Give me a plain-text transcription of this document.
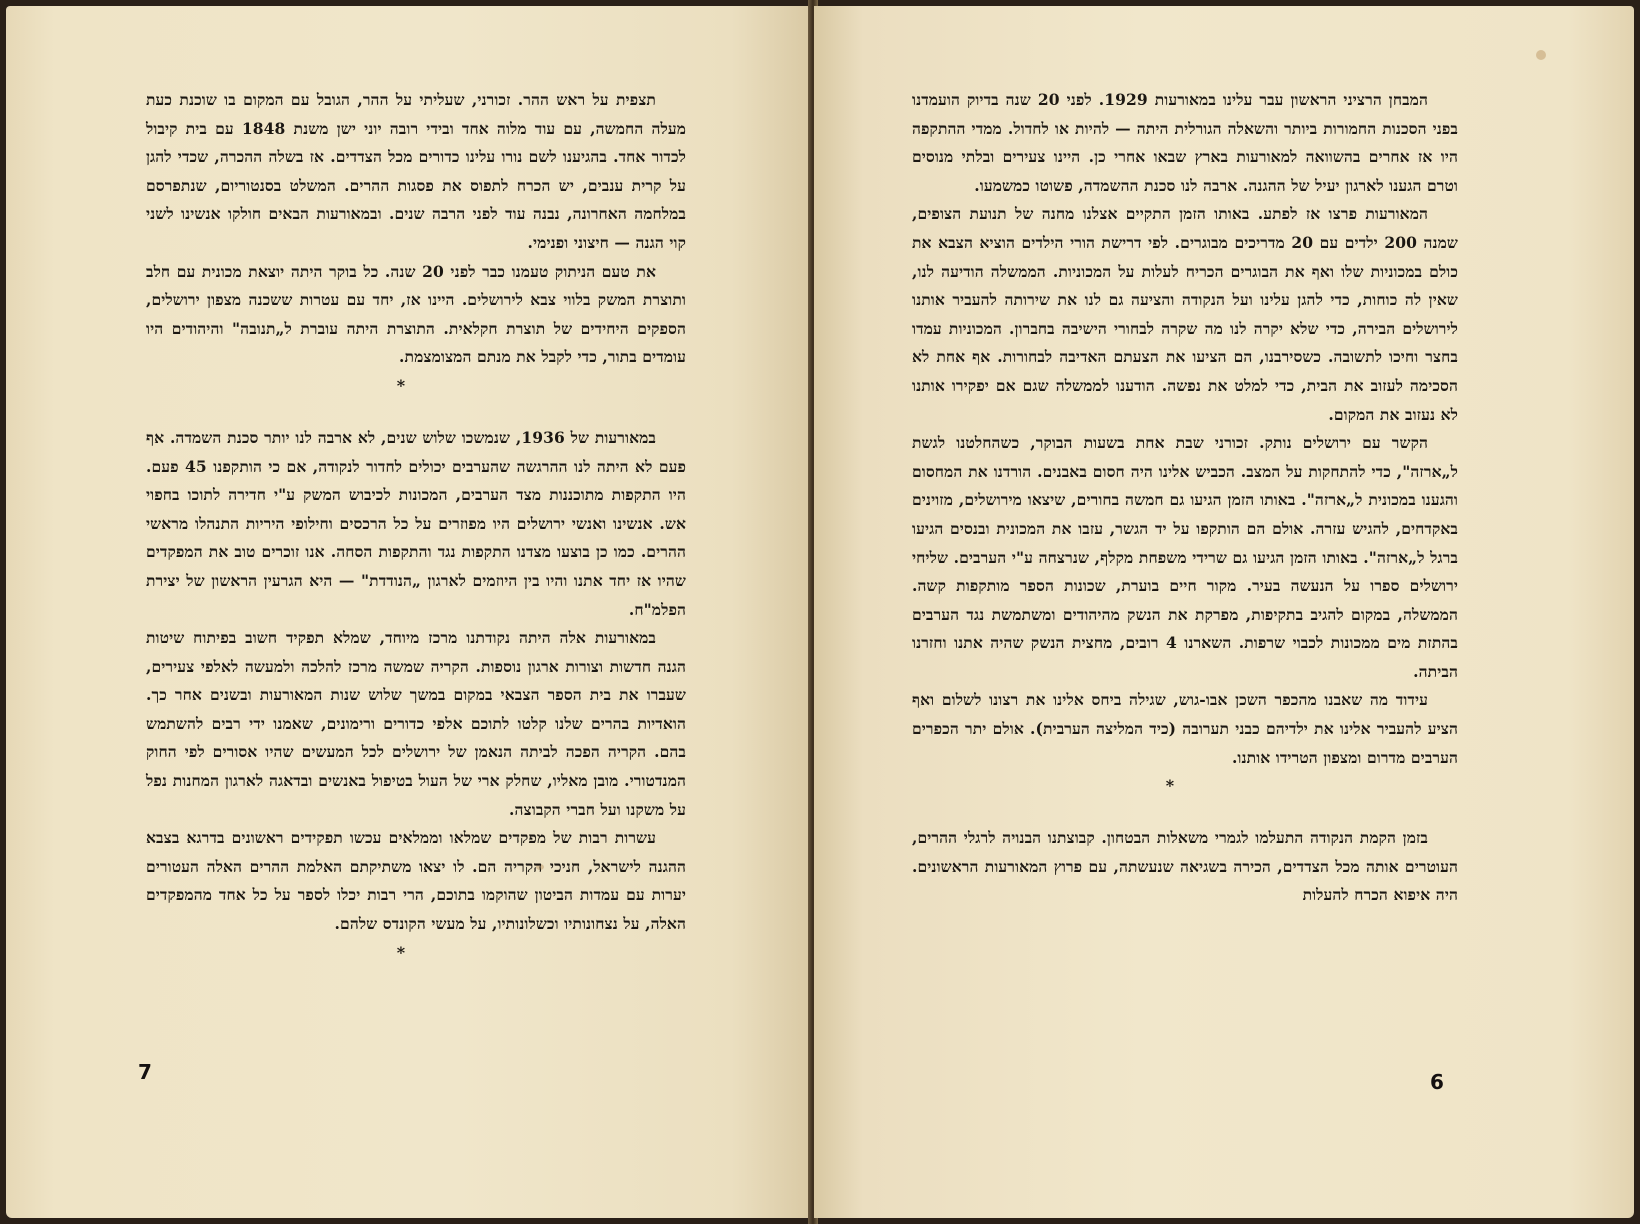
תצפית על ראש ההר. זכורני, שעליתי על ההר, הגובל עם המקום בו שוכנת כעת מעלה החמשה, עם עוד מלוה אחד ובידי רובה יוני ישן משנת 1848 עם בית קיבול לכדור אחד. בהגיענו לשם נורו עלינו כדורים מכל הצדדים. אז בשלה ההכרה, שכדי להגן על קרית ענבים, יש הכרח לתפוס את פסגות ההרים. המשלט בסנטוריום, שנתפרסם במלחמה האחרונה, נבנה עוד לפני הרבה שנים. ובמאורעות הבאים חולקו אנשינו לשני קוי הגנה — חיצוני ופנימי.

את טעם הניתוק טעמנו כבר לפני 20 שנה. כל בוקר היתה יוצאת מכונית עם חלב ותוצרת המשק בלווי צבא לירושלים. היינו אז, יחד עם עטרות ששכנה מצפון ירושלים, הספקים היחידים של תוצרת חקלאית. התוצרת היתה עוברת ל„תנובה" והיהודים היו עומדים בתור, כדי לקבל את מנתם המצומצמת.

*

במאורעות של 1936, שנמשכו שלוש שנים, לא ארבה לנו יותר סכנת השמדה. אף פעם לא היתה לנו ההרגשה שהערבים יכולים לחדור לנקודה, אם כי הותקפנו 45 פעם. היו התקפות מתוכננות מצד הערבים, המכונות לכיבוש המשק ע"י חדירה לתוכו בחפוי אש. אנשינו ואנשי ירושלים היו מפוזרים על כל הרכסים וחילופי היריות התנהלו מראשי ההרים. כמו כן בוצעו מצדנו התקפות נגד והתקפות הסחה. אנו זוכרים טוב את המפקדים שהיו אז יחד אתנו והיו בין היוזמים לארגון „הנודדת" — היא הגרעין הראשון של יצירת הפלמ"ח.

במאורעות אלה היתה נקודתנו מרכז מיוחד, שמלא תפקיד חשוב בפיתוח שיטות הגנה חדשות וצורות ארגון נוספות. הקריה שמשה מרכז להלכה ולמעשה לאלפי צעירים, שעברו את בית הספר הצבאי במקום במשך שלוש שנות המאורעות ובשנים אחר כך. הואדיות בהרים שלנו קלטו לתוכם אלפי כדורים ורימונים, שאמנו ידי רבים להשתמש בהם. הקריה הפכה לביתה הנאמן של ירושלים לכל המעשים שהיו אסורים לפי החוק המנדטורי. מובן מאליו, שחלק ארי של העול בטיפול באנשים ובדאגה לארגון המחנות נפל על משקנו ועל חברי הקבוצה.

עשרות רבות של מפקדים שמלאו וממלאים עכשו תפקידים ראשונים בדרגא בצבא ההגנה לישראל, חניכי הקריה הם. לו יצאו משתיקתם האלמת ההרים האלה העטורים יערות עם עמדות הביטון שהוקמו בתוכם, הרי רבות יכלו לספר על כל אחד מהמפקדים האלה, על נצחונותיו וכשלונותיו, על מעשי הקונדס שלהם.

*

7

המבחן הרציני הראשון עבר עלינו במאורעות 1929. לפני 20 שנה בדיוק הועמדנו בפני הסכנות החמורות ביותר והשאלה הגורלית היתה — להיות או לחדול. ממדי ההתקפה היו אז אחרים בהשוואה למאורעות בארץ שבאו אחרי כן. היינו צעירים ובלתי מנוסים וטרם הגענו לארגון יעיל של ההגנה. ארבה לנו סכנת ההשמדה, פשוטו כמשמעו.

המאורעות פרצו אז לפתע. באותו הזמן התקיים אצלנו מחנה של תנועת הצופים, שמנה 200 ילדים עם 20 מדריכים מבוגרים. לפי דרישת הורי הילדים הוציא הצבא את כולם במכוניות שלו ואף את הבוגרים הכריח לעלות על המכוניות. הממשלה הודיעה לנו, שאין לה כוחות, כדי להגן עלינו ועל הנקודה והציעה גם לנו את שירותה להעביר אותנו לירושלים הבירה, כדי שלא יקרה לנו מה שקרה לבחורי הישיבה בחברון. המכוניות עמדו בחצר וחיכו לתשובה. כשסירבנו, הם הציעו את הצעתם האדיבה לבחורות. אף אחת לא הסכימה לעזוב את הבית, כדי למלט את נפשה. הודענו לממשלה שגם אם יפקירו אותנו לא נעזוב את המקום.

הקשר עם ירושלים נותק. זכורני שבת אחת בשעות הבוקר, כשהחלטנו לגשת ל„ארזה", כדי להתחקות על המצב. הכביש אלינו היה חסום באבנים. הורדנו את המחסום והגענו במכונית ל„ארזה". באותו הזמן הגיעו גם חמשה בחורים, שיצאו מירושלים, מזוינים באקדחים, להגיש עזרה. אולם הם הותקפו על יד הגשר, עזבו את המכונית ובנסים הגיעו ברגל ל„ארזה". באותו הזמן הגיעו גם שרידי משפחת מקלף, שנרצחה ע"י הערבים. שליחי ירושלים ספרו על הנעשה בעיר. מקור חיים בוערת, שכונות הספר מותקפות קשה. הממשלה, במקום להגיב בתקיפות, מפרקת את הנשק מהיהודים ומשתמשת נגד הערבים בהתזת מים ממכונות לכבוי שרפות. השארנו 4 רובים, מחצית הנשק שהיה אתנו וחזרנו הביתה.

עידוד מה שאבנו מהכפר השכן אבו-גוש, שגילה ביחס אלינו את רצונו לשלום ואף הציע להעביר אלינו את ילדיהם כבני תערובה (כיד המליצה הערבית). אולם יתר הכפרים הערבים מדרום ומצפון הטרידו אותנו.

*

בזמן הקמת הנקודה התעלמו לגמרי משאלות הבטחון. קבוצתנו הבנויה לרגלי ההרים, העוטרים אותה מכל הצדדים, הכירה בשגיאה שנעשתה, עם פרוץ המאורעות הראשונים. היה איפוא הכרח להעלות

6
